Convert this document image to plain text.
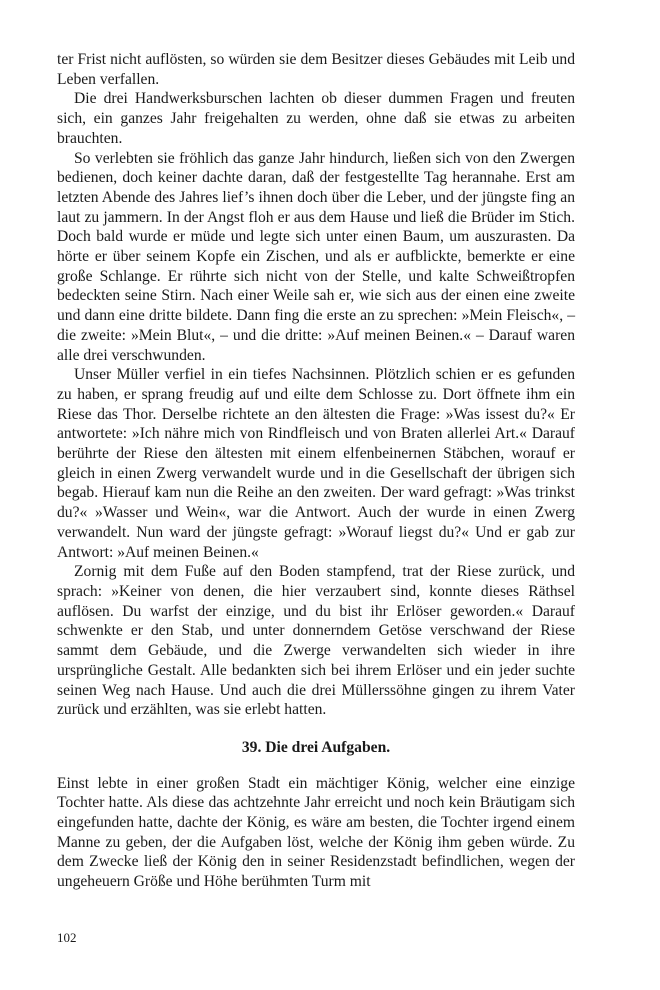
ter Frist nicht auflösten, so würden sie dem Besitzer dieses Gebäudes mit Leib und Leben verfallen.

Die drei Handwerksburschen lachten ob dieser dummen Fragen und freuten sich, ein ganzes Jahr freigehalten zu werden, ohne daß sie etwas zu arbeiten brauchten.

So verlebten sie fröhlich das ganze Jahr hindurch, ließen sich von den Zwergen bedienen, doch keiner dachte daran, daß der festgestellte Tag herannahe. Erst am letzten Abende des Jahres lief’s ihnen doch über die Leber, und der jüngste fing an laut zu jammern. In der Angst floh er aus dem Hause und ließ die Brüder im Stich. Doch bald wurde er müde und legte sich unter einen Baum, um auszurasten. Da hörte er über seinem Kopfe ein Zischen, und als er aufblickte, bemerkte er eine große Schlange. Er rührte sich nicht von der Stelle, und kalte Schweißtropfen bedeckten seine Stirn. Nach einer Weile sah er, wie sich aus der einen eine zweite und dann eine dritte bildete. Dann fing die erste an zu sprechen: »Mein Fleisch«, – die zweite: »Mein Blut«, – und die dritte: »Auf meinen Beinen.« – Darauf waren alle drei verschwunden.

Unser Müller verfiel in ein tiefes Nachsinnen. Plötzlich schien er es gefunden zu haben, er sprang freudig auf und eilte dem Schlosse zu. Dort öffnete ihm ein Riese das Thor. Derselbe richtete an den ältesten die Frage: »Was issest du?« Er antwortete: »Ich nähre mich von Rindfleisch und von Braten allerlei Art.« Darauf berührte der Riese den ältesten mit einem elfenbeinernen Stäbchen, worauf er gleich in einen Zwerg verwandelt wurde und in die Gesellschaft der übrigen sich begab. Hierauf kam nun die Reihe an den zweiten. Der ward gefragt: »Was trinkst du?« »Wasser und Wein«, war die Antwort. Auch der wurde in einen Zwerg verwandelt. Nun ward der jüngste gefragt: »Worauf liegst du?« Und er gab zur Antwort: »Auf meinen Beinen.«

Zornig mit dem Fuße auf den Boden stampfend, trat der Riese zurück, und sprach: »Keiner von denen, die hier verzaubert sind, konnte dieses Räthsel auflösen. Du warfst der einzige, und du bist ihr Erlöser geworden.« Darauf schwenkte er den Stab, und unter donnerndem Getöse verschwand der Riese sammt dem Gebäude, und die Zwerge verwandelten sich wieder in ihre ursprüngliche Gestalt. Alle bedankten sich bei ihrem Erlöser und ein jeder suchte seinen Weg nach Hause. Und auch die drei Müllerssöhne gingen zu ihrem Vater zurück und erzählten, was sie erlebt hatten.

39. Die drei Aufgaben.

Einst lebte in einer großen Stadt ein mächtiger König, welcher eine einzige Tochter hatte. Als diese das achtzehnte Jahr erreicht und noch kein Bräutigam sich eingefunden hatte, dachte der König, es wäre am besten, die Tochter irgend einem Manne zu geben, der die Aufgaben löst, welche der König ihm geben würde. Zu dem Zwecke ließ der König den in seiner Residenzstadt befindlichen, wegen der ungeheuern Größe und Höhe berühmten Turm mit

102
